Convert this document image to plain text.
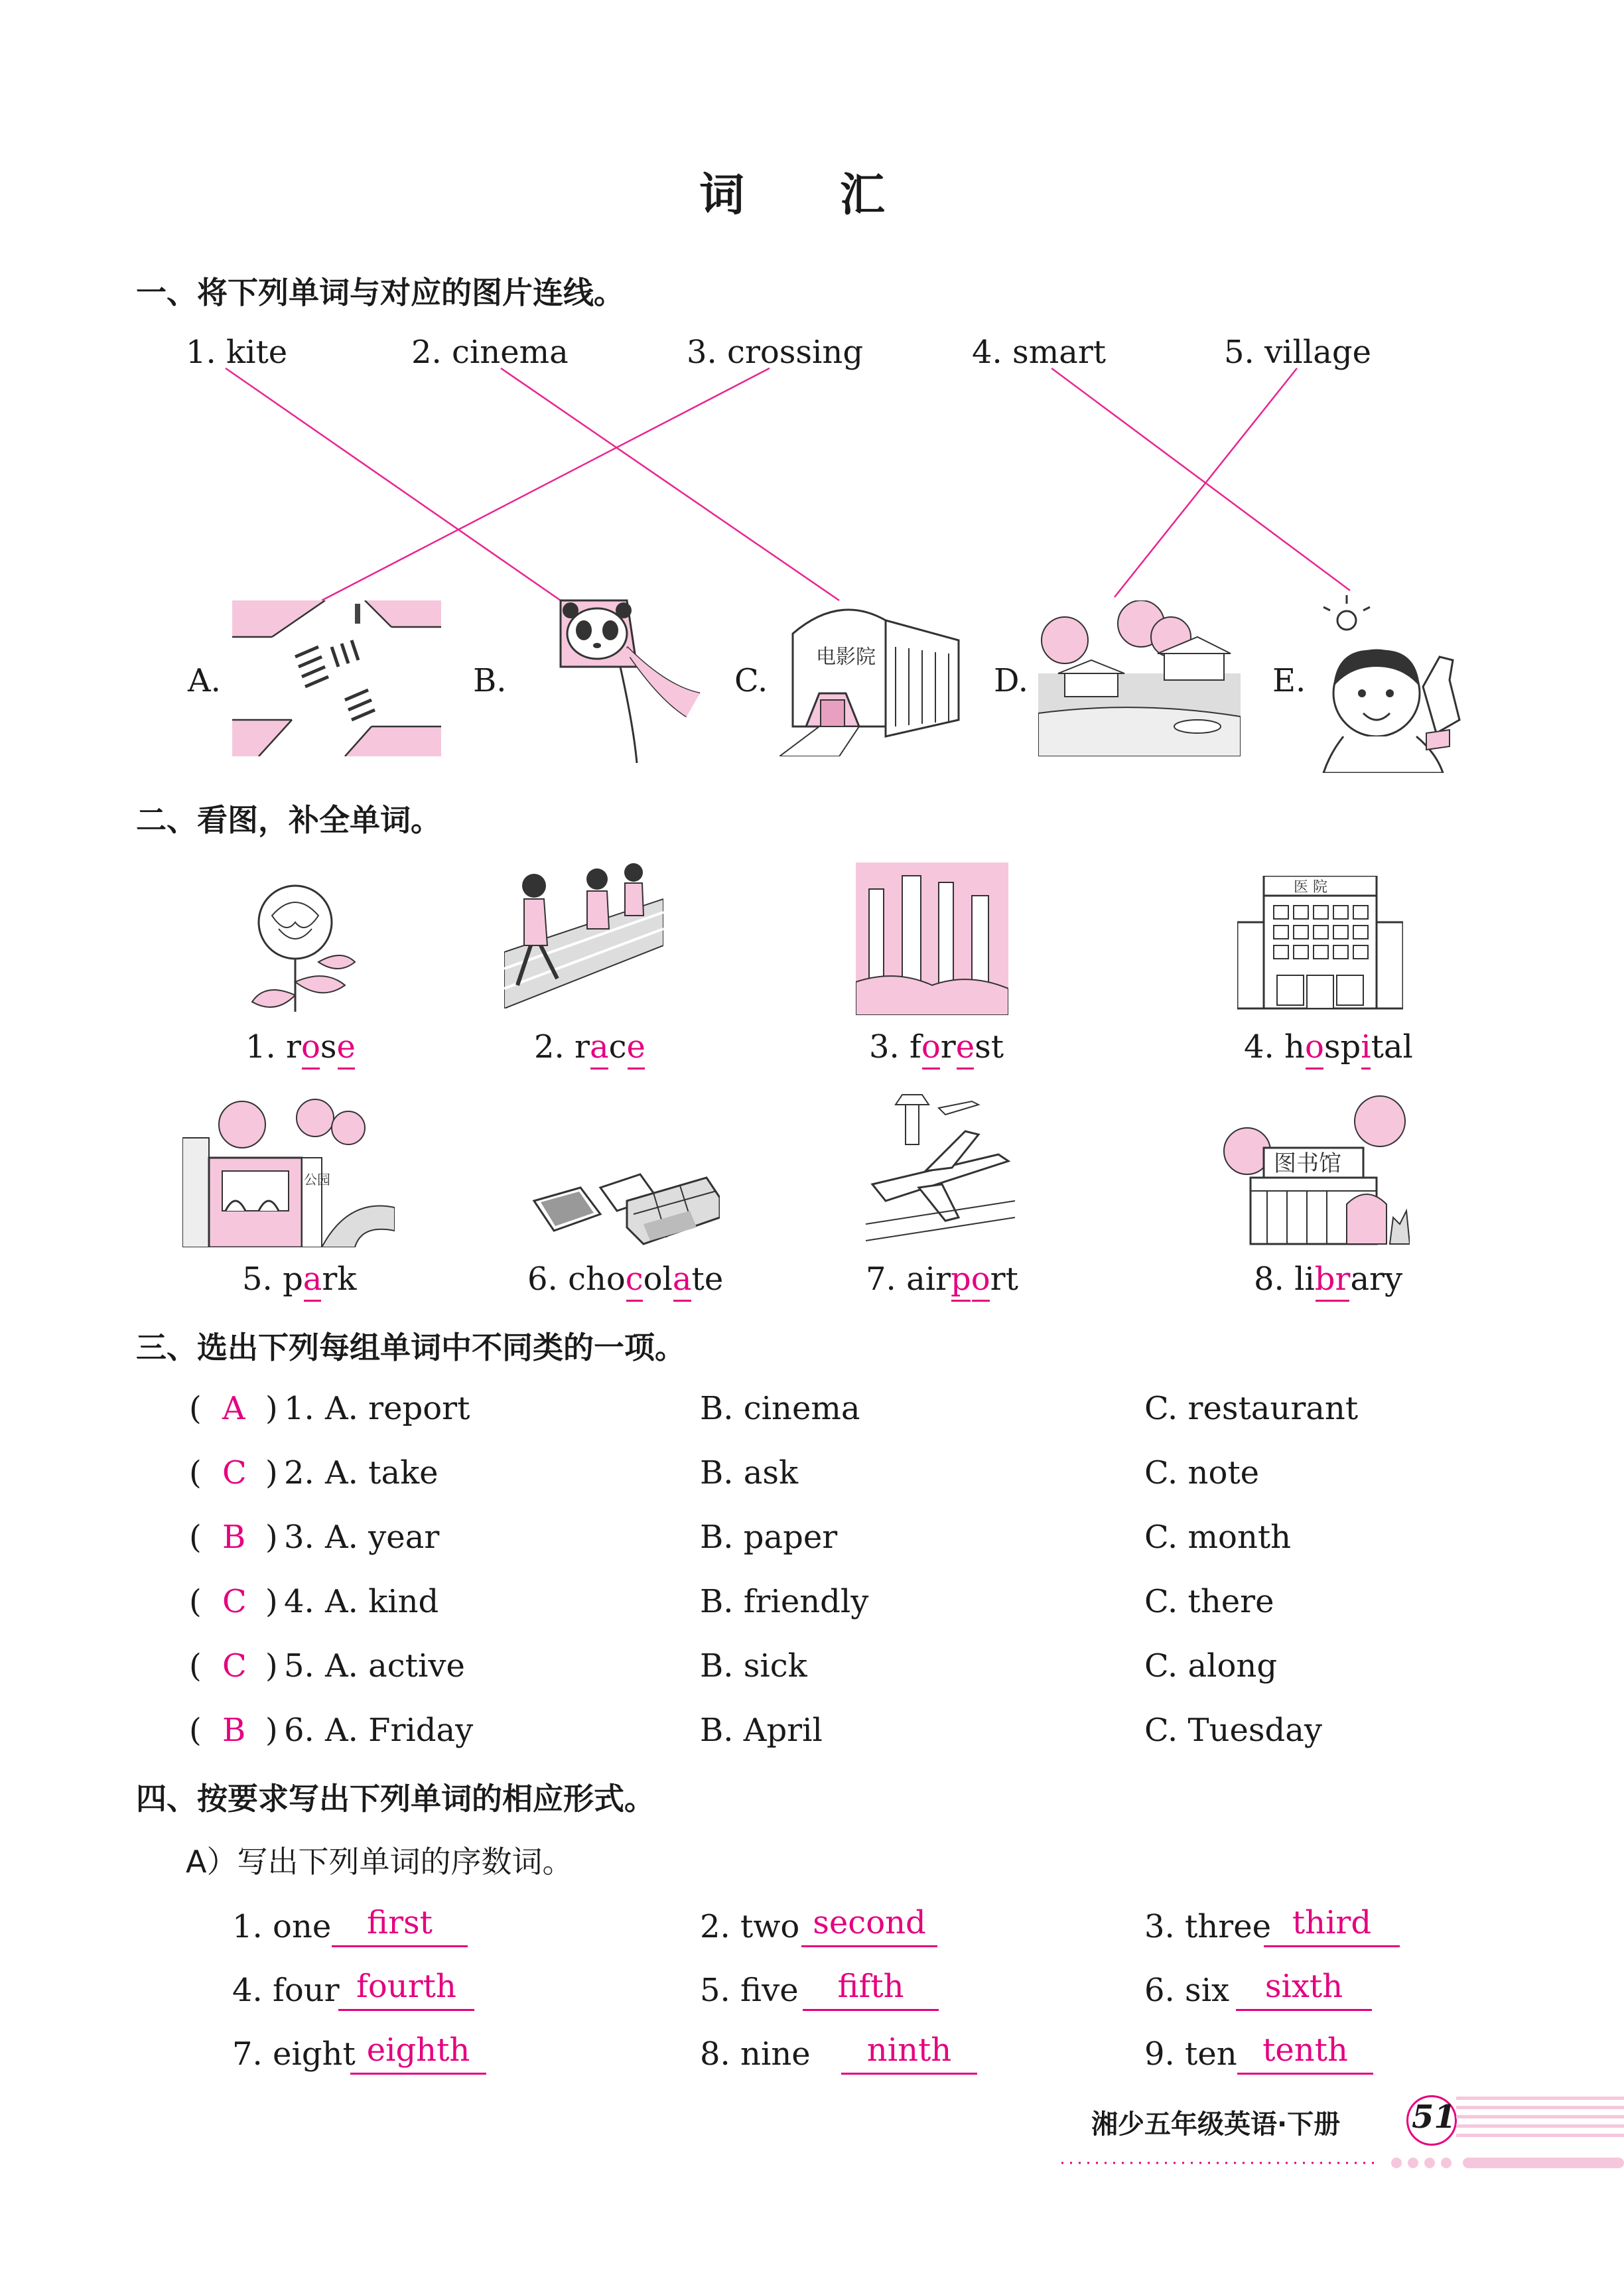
词 汇
一、将下列单词与对应的图片连线。
1. kite	2. cinema	3. crossing	4. smart	5. village
A.	B.	C.	D.	E.
电影院
二、看图，补全单词。
医 院
1. rose	2. race	3. forest	4. hospital
公园
图书馆
5. park	6. chocolate	7. airport	8. library
三、选出下列每组单词中不同类的一项。
( A ) 1. A. report	B. cinema	C. restaurant
( C ) 2. A. take	B. ask	C. note
( B ) 3. A. year	B. paper	C. month
( C ) 4. A. kind	B. friendly	C. there
( C ) 5. A. active	B. sick	C. along
( B ) 6. A. Friday	B. April	C. Tuesday
四、按要求写出下列单词的相应形式。
A）写出下列单词的序数词。
1. one	first	2. two second	3. three third
4. four fourth	5. five	fifth	6. six	sixth
7. eight eighth	8. nine	ninth	9. ten tenth
湘少五年级英语·下册 51
